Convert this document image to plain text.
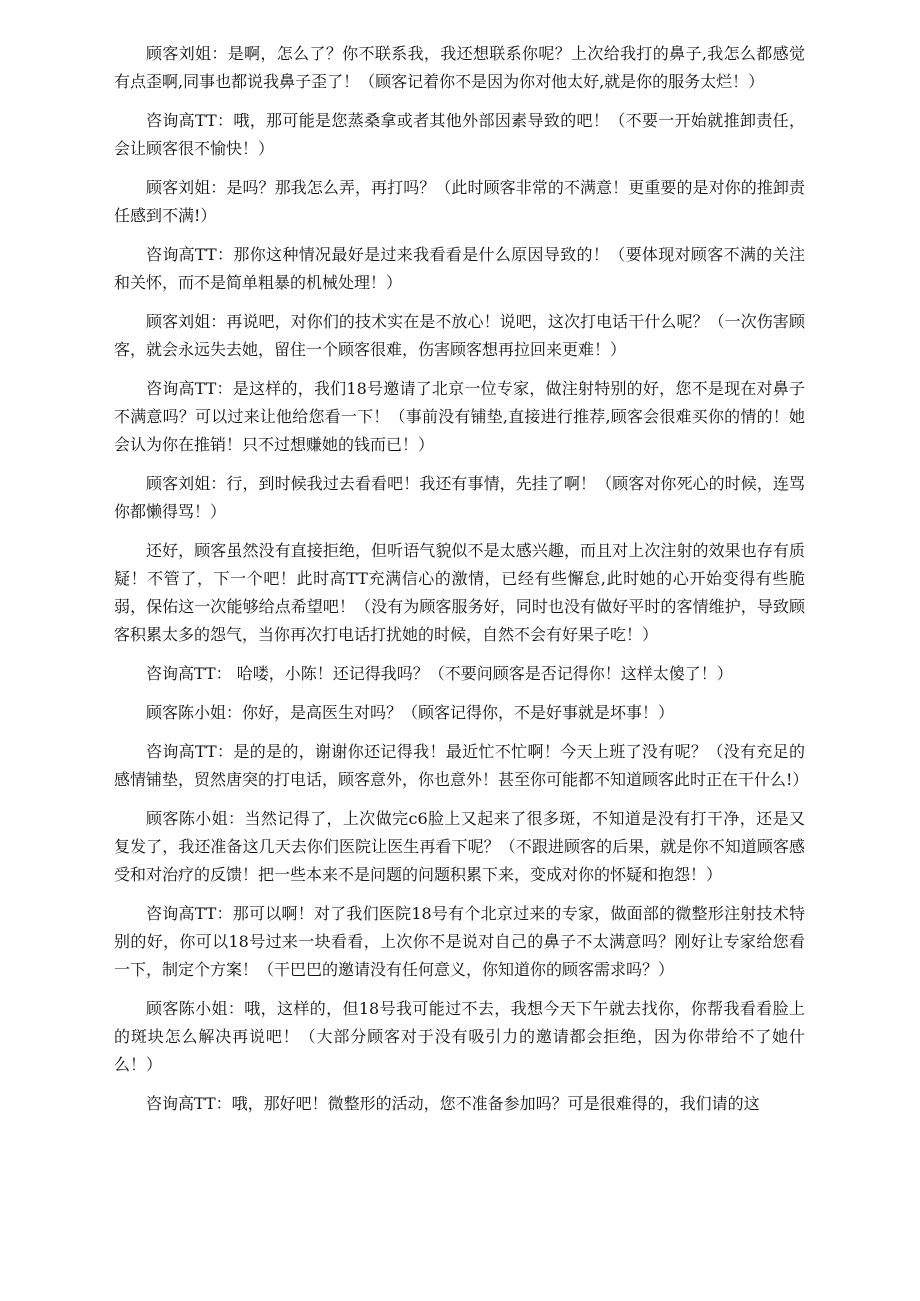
顾客刘姐：是啊，怎么了？你不联系我，我还想联系你呢？上次给我打的鼻子,我怎么都感觉有点歪啊,同事也都说我鼻子歪了！（顾客记着你不是因为你对他太好,就是你的服务太烂！）

咨询高TT：哦，那可能是您蒸桑拿或者其他外部因素导致的吧！（不要一开始就推卸责任，会让顾客很不愉快！）

顾客刘姐：是吗？那我怎么弄，再打吗？（此时顾客非常的不满意！更重要的是对你的推卸责任感到不满!）

咨询高TT：那你这种情况最好是过来我看看是什么原因导致的！（要体现对顾客不满的关注和关怀，而不是简单粗暴的机械处理！）

顾客刘姐：再说吧，对你们的技术实在是不放心！说吧，这次打电话干什么呢？（一次伤害顾客，就会永远失去她，留住一个顾客很难，伤害顾客想再拉回来更难！）

咨询高TT：是这样的，我们18号邀请了北京一位专家，做注射特别的好，您不是现在对鼻子不满意吗？可以过来让他给您看一下！（事前没有铺垫,直接进行推荐,顾客会很难买你的情的！她会认为你在推销！只不过想赚她的钱而已！）

顾客刘姐：行，到时候我过去看看吧！我还有事情，先挂了啊！（顾客对你死心的时候，连骂你都懒得骂！）

还好，顾客虽然没有直接拒绝，但听语气貌似不是太感兴趣，而且对上次注射的效果也存有质疑！不管了，下一个吧！此时高TT充满信心的激情，已经有些懈怠,此时她的心开始变得有些脆弱，保佑这一次能够给点希望吧！（没有为顾客服务好，同时也没有做好平时的客情维护，导致顾客积累太多的怨气，当你再次打电话打扰她的时候，自然不会有好果子吃！）

咨询高TT： 哈喽，小陈！还记得我吗？（不要问顾客是否记得你！这样太傻了！）

顾客陈小姐：你好，是高医生对吗？（顾客记得你，不是好事就是坏事！）

咨询高TT：是的是的，谢谢你还记得我！最近忙不忙啊！今天上班了没有呢？（没有充足的感情铺垫，贸然唐突的打电话，顾客意外，你也意外！甚至你可能都不知道顾客此时正在干什么!）

顾客陈小姐：当然记得了，上次做完c6脸上又起来了很多斑，不知道是没有打干净，还是又复发了，我还准备这几天去你们医院让医生再看下呢？（不跟进顾客的后果，就是你不知道顾客感受和对治疗的反馈！把一些本来不是问题的问题积累下来，变成对你的怀疑和抱怨！）

咨询高TT：那可以啊！对了我们医院18号有个北京过来的专家，做面部的微整形注射技术特别的好，你可以18号过来一块看看，上次你不是说对自己的鼻子不太满意吗？刚好让专家给您看一下，制定个方案！（干巴巴的邀请没有任何意义，你知道你的顾客需求吗？）

顾客陈小姐：哦，这样的，但18号我可能过不去，我想今天下午就去找你，你帮我看看脸上的斑块怎么解决再说吧！（大部分顾客对于没有吸引力的邀请都会拒绝，因为你带给不了她什么！）

咨询高TT：哦，那好吧！微整形的活动，您不准备参加吗？可是很难得的，我们请的这
